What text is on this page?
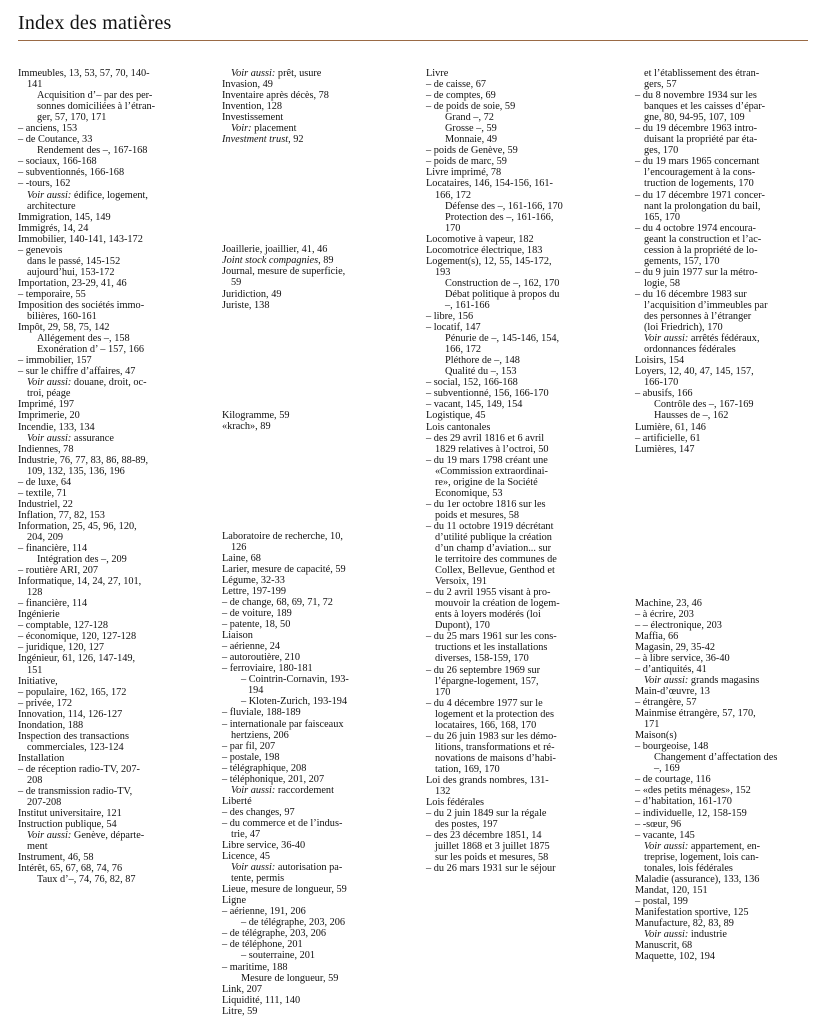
Index des matières
Immeubles, 13, 53, 57, 70, 140-
141
Acquisition d’– par des per-
sonnes domiciliées à l’étran-
ger, 57, 170, 171
– anciens, 153
– de Coutance, 33
Rendement des –, 167-168
– sociaux, 166-168
– subventionnés, 166-168
– -tours, 162
Voir aussi: édifice, logement,
architecture
Immigration, 145, 149
Immigrés, 14, 24
Immobilier, 140-141, 143-172
– genevois
dans le passé, 145-152
aujourd’hui, 153-172
Importation, 23-29, 41, 46
– temporaire, 55
Imposition des sociétés immo-
bilières, 160-161
Impôt, 29, 58, 75, 142
Allégement des –, 158
Exonération d’ – 157, 166
– immobilier, 157
– sur le chiffre d’affaires, 47
Voir aussi: douane, droit, oc-
troi, péage
Imprimé, 197
Imprimerie, 20
Incendie, 133, 134
Voir aussi: assurance
Indiennes, 78
Industrie, 76, 77, 83, 86, 88-89,
109, 132, 135, 136, 196
– de luxe, 64
– textile, 71
Industriel, 22
Inflation, 77, 82, 153
Information, 25, 45, 96, 120,
204, 209
– financière, 114
Intégration des –, 209
– routière ARI, 207
Informatique, 14, 24, 27, 101,
128
– financière, 114
Ingénierie
– comptable, 127-128
– économique, 120, 127-128
– juridique, 120, 127
Ingénieur, 61, 126, 147-149,
151
Initiative,
– populaire, 162, 165, 172
– privée, 172
Innovation, 114, 126-127
Inondation, 188
Inspection des transactions
commerciales, 123-124
Installation
– de réception radio-TV, 207-
208
– de transmission radio-TV,
207-208
Institut universitaire, 121
Instruction publique, 54
Voir aussi: Genève, départe-
ment
Instrument, 46, 58
Intérêt, 65, 67, 68, 74, 76
Taux d’–, 74, 76, 82, 87
Voir aussi: prêt, usure
Invasion, 49
Inventaire après décès, 78
Invention, 128
Investissement
Voir: placement
Investment trust, 92
Joaillerie, joaillier, 41, 46
Joint stock compagnies, 89
Journal, mesure de superficie,
59
Juridiction, 49
Juriste, 138
Kilogramme, 59
«krach», 89
Laboratoire de recherche, 10,
126
Laine, 68
Larier, mesure de capacité, 59
Légume, 32-33
Lettre, 197-199
– de change, 68, 69, 71, 72
– de voiture, 189
– patente, 18, 50
Liaison
– aérienne, 24
– autoroutière, 210
– ferroviaire, 180-181
– Cointrin-Cornavin, 193-
194
– Kloten-Zurich, 193-194
– fluviale, 188-189
– internationale par faisceaux
hertziens, 206
– par fil, 207
– postale, 198
– télégraphique, 208
– téléphonique, 201, 207
Voir aussi: raccordement
Liberté
– des changes, 97
– du commerce et de l’indus-
trie, 47
Libre service, 36-40
Licence, 45
Voir aussi: autorisation pa-
tente, permis
Lieue, mesure de longueur, 59
Ligne
– aérienne, 191, 206
– de télégraphe, 203, 206
– de télégraphe, 203, 206
– de téléphone, 201
– souterraine, 201
– maritime, 188
Mesure de longueur, 59
Link, 207
Liquidité, 111, 140
Litre, 59
Livre
– de caisse, 67
– de comptes, 69
– de poids de soie, 59
Grand –, 72
Grosse –, 59
Monnaie, 49
– poids de Genève, 59
– poids de marc, 59
Livre imprimé, 78
Locataires, 146, 154-156, 161-
166, 172
Défense des –, 161-166, 170
Protection des –, 161-166,
170
Locomotive à vapeur, 182
Locomotrice électrique, 183
Logement(s), 12, 55, 145-172,
193
Construction de –, 162, 170
Débat politique à propos du
–, 161-166
– libre, 156
– locatif, 147
Pénurie de –, 145-146, 154,
166, 172
Pléthore de –, 148
Qualité du –, 153
– social, 152, 166-168
– subventionné, 156, 166-170
– vacant, 145, 149, 154
Logistique, 45
Lois cantonales
– des 29 avril 1816 et 6 avril
1829 relatives à l’octroi, 50
– du 19 mars 1798 créant une
«Commission extraordinai-
re», origine de la Société
Economique, 53
– du 1er octobre 1816 sur les
poids et mesures, 58
– du 11 octobre 1919 décrétant
d’utilité publique la création
d’un champ d’aviation... sur
le territoire des communes de
Collex, Bellevue, Genthod et
Versoix, 191
– du 2 avril 1955 visant à pro-
mouvoir la création de logem-
ents à loyers modérés (loi
Dupont), 170
– du 25 mars 1961 sur les cons-
tructions et les installations
diverses, 158-159, 170
– du 26 septembre 1969 sur
l’épargne-logement, 157,
170
– du 4 décembre 1977 sur le
logement et la protection des
locataires, 166, 168, 170
– du 26 juin 1983 sur les démo-
litions, transformations et ré-
novations de maisons d’habi-
tation, 169, 170
Loi des grands nombres, 131-
132
Lois fédérales
– du 2 juin 1849 sur la régale
des postes, 197
– des 23 décembre 1851, 14
juillet 1868 et 3 juillet 1875
sur les poids et mesures, 58
– du 26 mars 1931 sur le séjour
et l’établissement des étran-
gers, 57
– du 8 novembre 1934 sur les
banques et les caisses d’épar-
gne, 80, 94-95, 107, 109
– du 19 décembre 1963 intro-
duisant la propriété par éta-
ges, 170
– du 19 mars 1965 concernant
l’encouragement à la cons-
truction de logements, 170
– du 17 décembre 1971 concer-
nant la prolongation du bail,
165, 170
– du 4 octobre 1974 encoura-
geant la construction et l’ac-
cession à la propriété de lo-
gements, 157, 170
– du 9 juin 1977 sur la métro-
logie, 58
– du 16 décembre 1983 sur
l’acquisition d’immeubles par
des personnes à l’étranger
(loi Friedrich), 170
Voir aussi: arrêtés fédéraux,
ordonnances fédérales
Loisirs, 154
Loyers, 12, 40, 47, 145, 157,
166-170
– abusifs, 166
Contrôle des –, 167-169
Hausses de –, 162
Lumière, 61, 146
– artificielle, 61
Lumières, 147
Machine, 23, 46
– à écrire, 203
– – électronique, 203
Maffia, 66
Magasin, 29, 35-42
– à libre service, 36-40
– d’antiquités, 41
Voir aussi: grands magasins
Main-d’œuvre, 13
– étrangère, 57
Mainmise étrangère, 57, 170,
171
Maison(s)
– bourgeoise, 148
Changement d’affectation des
–, 169
– de courtage, 116
– «des petits ménages», 152
– d’habitation, 161-170
– individuelle, 12, 158-159
– -sœur, 96
– vacante, 145
Voir aussi: appartement, en-
treprise, logement, lois can-
tonales, lois fédérales
Maladie (assurance), 133, 136
Mandat, 120, 151
– postal, 199
Manifestation sportive, 125
Manufacture, 82, 83, 89
Voir aussi: industrie
Manuscrit, 68
Maquette, 102, 194
